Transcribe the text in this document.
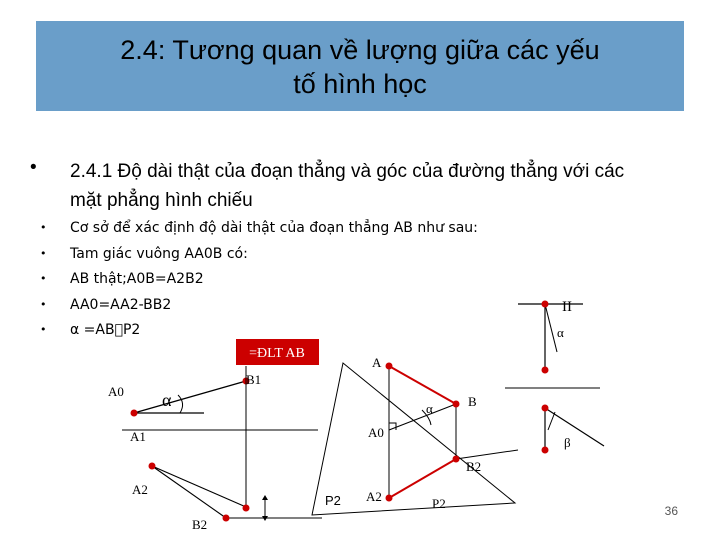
2.4: Tương quan về lượng giữa các yếu
tố hình học
• 2.4.1 Độ dài thật của đoạn thẳng và góc của đường thẳng với các mặt phẳng hình chiếu
• Cơ sở để xác định độ dài thật của đoạn thẳng AB như sau:
• Tam giác vuông AA0B có:
• AB thật;A0B=A2B2
• AA0=AA2-BB2
• α =AB P2
=ĐLT AB
A0 α
B1
A1
A2
B2
P2
A
α	B
A0
B2
A2	P2
II
α
β
36
